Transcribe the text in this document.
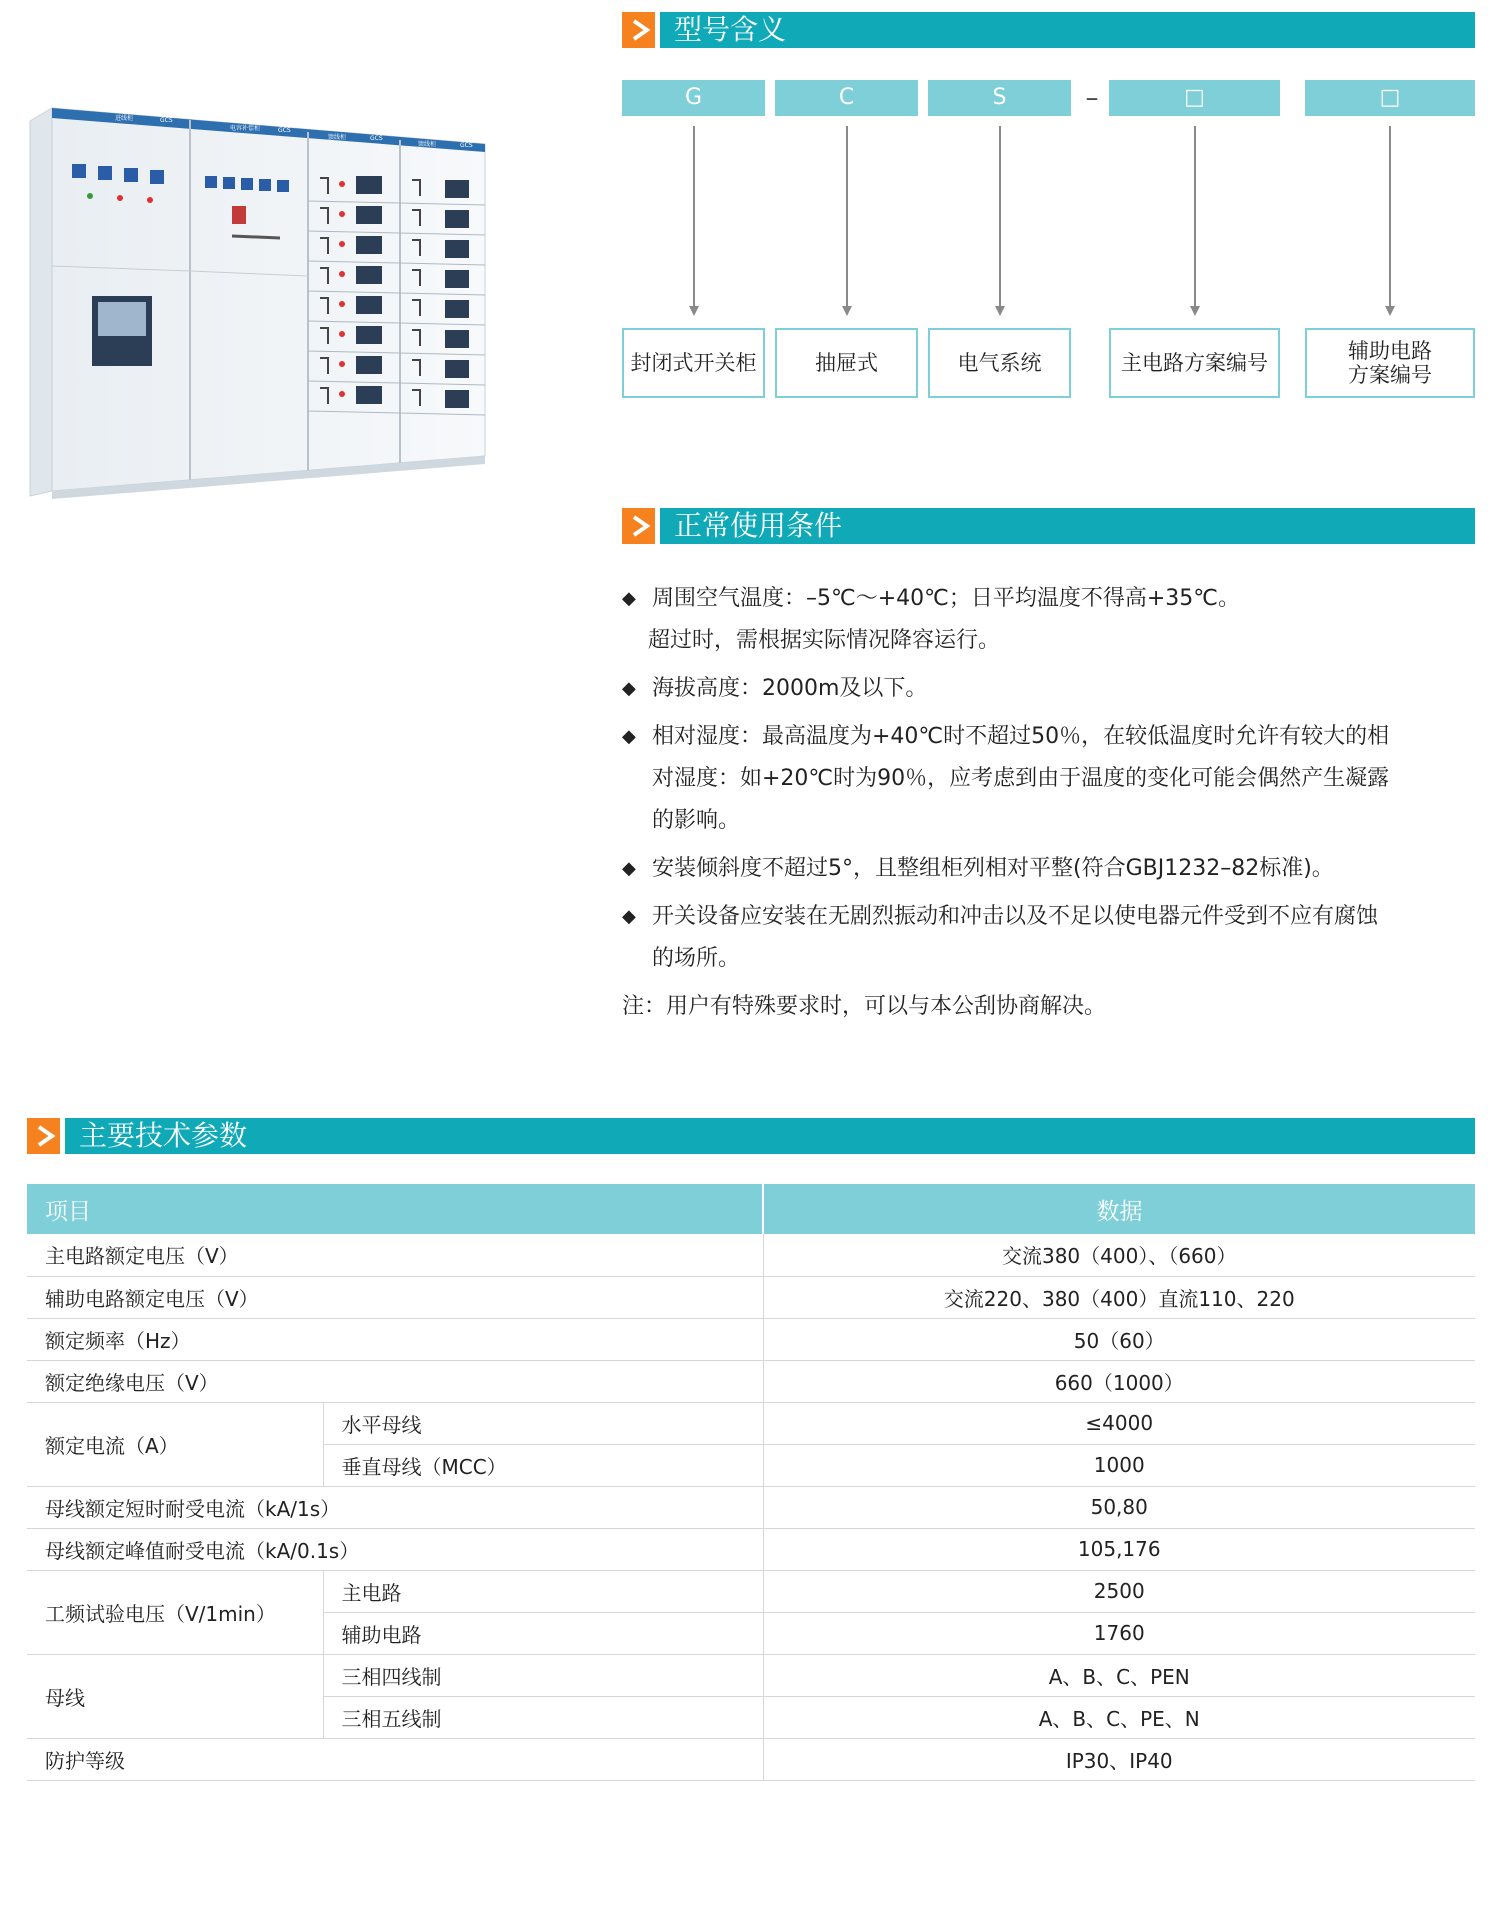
进线柜	GCS
电容补偿柜	GCS
馈线柜	GCS
馈线柜	GCS
型号含义
G	C	S	–	□	□
封闭式开关柜	抽屉式	电气系统	主电路方案编号	辅助电路
方案编号
正常使用条件
◆ 周围空气温度：–5℃～+40℃；日平均温度不得高+35℃。
超过时，需根据实际情况降容运行。
◆ 海拔高度：2000m及以下。
◆ 相对湿度：最高温度为+40℃时不超过50％，在较低温度时允许有较大的相
对湿度：如+20℃时为90％，应考虑到由于温度的变化可能会偶然产生凝露
的影响。
◆ 安装倾斜度不超过5°，且整组柜列相对平整(符合GBJ1232–82标准)。
◆ 开关设备应安装在无剧烈振动和冲击以及不足以使电器元件受到不应有腐蚀
的场所。
注：用户有特殊要求时，可以与本公刮协商解决。
主要技术参数
项目		数据
主电路额定电压（V）		交流380（400）、（660）
辅助电路额定电压（V）		交流220、380（400）直流110、220
额定频率（Hz）		50（60）
额定绝缘电压（V）		660（1000）
额定电流（A）	水平母线	≤4000
	垂直母线（MCC）	1000
母线额定短时耐受电流（kA/1s）		50,80
母线额定峰值耐受电流（kA/0.1s）		105,176
工频试验电压（V/1min）	主电路	2500
	辅助电路	1760
母线	三相四线制	A、B、C、PEN
	三相五线制	A、B、C、PE、N
防护等级		IP30、IP40
